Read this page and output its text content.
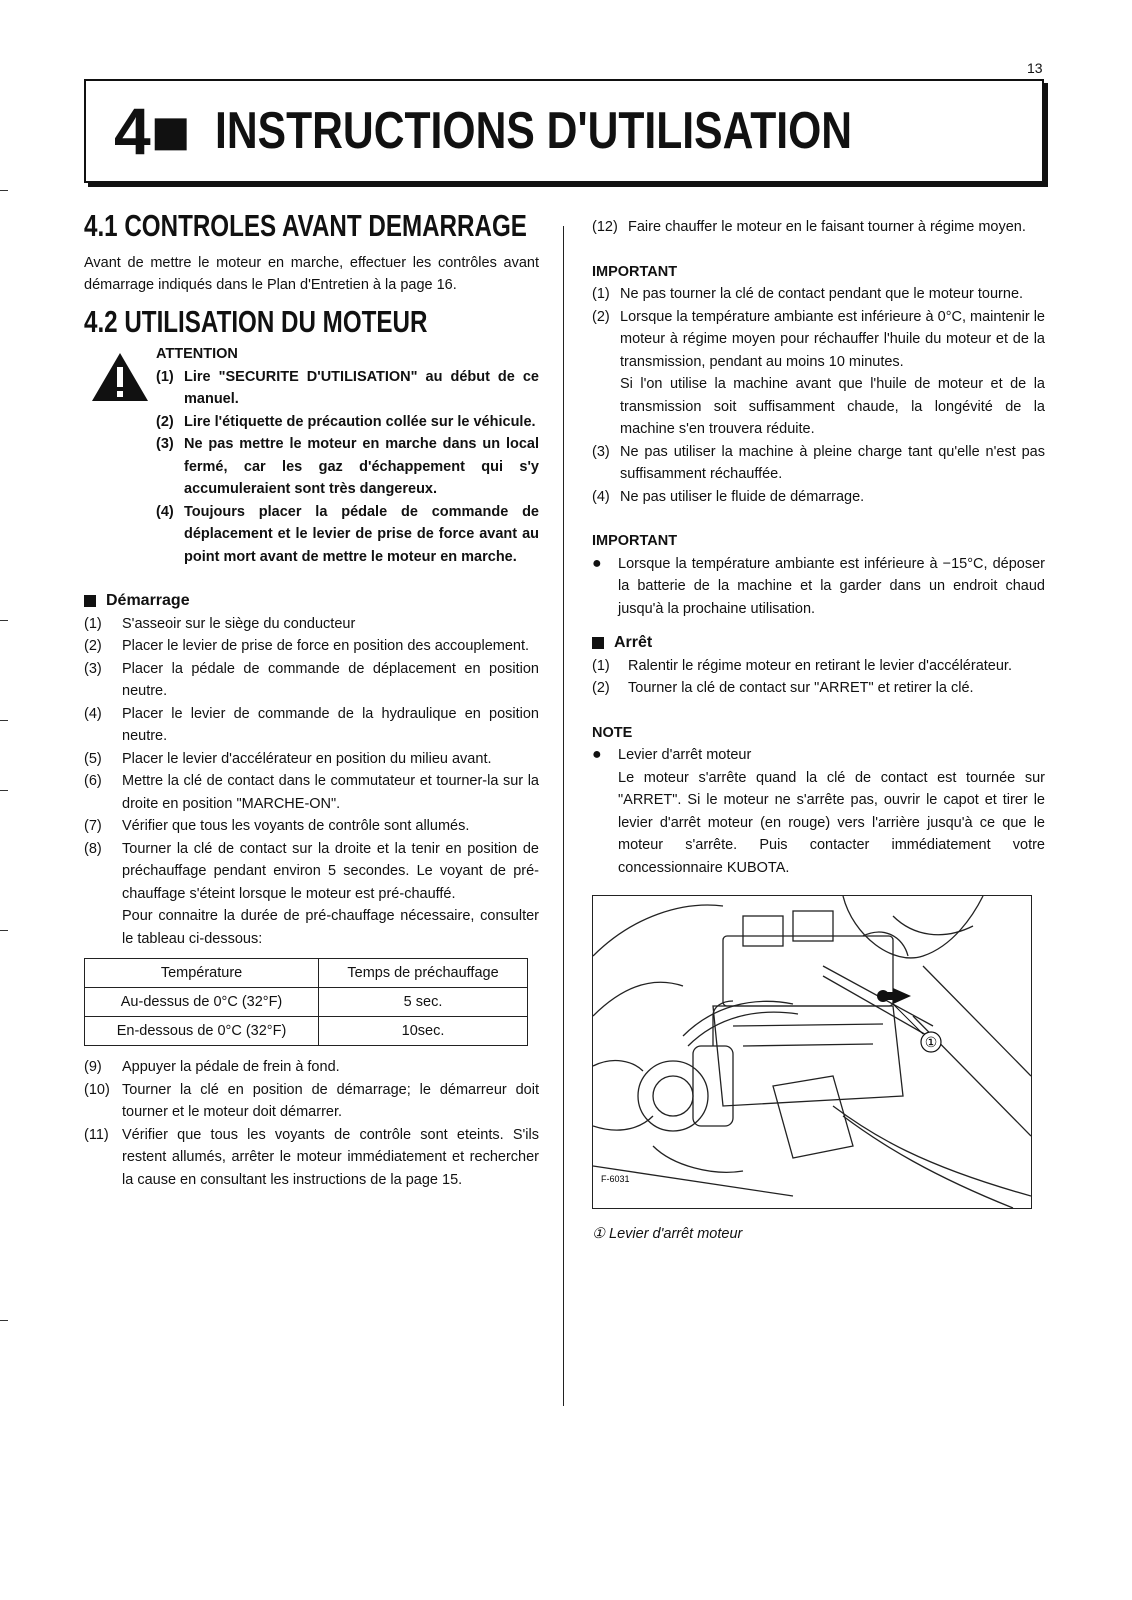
13
4 ■ INSTRUCTIONS D'UTILISATION
4.1 CONTROLES AVANT DEMARRAGE

Avant de mettre le moteur en marche, effectuer les contrôles avant démarrage indiqués dans le Plan d'Entretien à la page 16.

4.2 UTILISATION DU MOTEUR
ATTENTION
(1) Lire "SECURITE D'UTILISATION" au début de ce manuel.
(2) Lire l'étiquette de précaution collée sur le véhicule.
(3) Ne pas mettre le moteur en marche dans un local fermé, car les gaz d'échappement qui s'y accumuleraient sont très dangereux.
(4) Toujours placer la pédale de commande de déplacement et le levier de prise de force avant au point mort avant de mettre le moteur en marche.
Démarrage
(1)	S'asseoir sur le siège du conducteur
(2)	Placer le levier de prise de force en position des accouplement.
(3)	Placer la pédale de commande de déplacement en position neutre.
(4)	Placer le levier de commande de la hydraulique en position neutre.
(5)	Placer le levier d'accélérateur en position du milieu avant.
(6)	Mettre la clé de contact dans le commutateur et tourner-la sur la droite en position "MARCHE-ON".
(7)	Vérifier que tous les voyants de contrôle sont allumés.
(8)	Tourner la clé de contact sur la droite et la tenir en position de préchauffage pendant environ 5 secondes. Le voyant de pré-chauffage s'éteint lorsque le moteur est pré-chauffé.
Pour connaitre la durée de pré-chauffage nécessaire, consulter le tableau ci-dessous:
Température	Temps de préchauffage
Au-dessus de 0°C (32°F)	5 sec.
En-dessous de 0°C (32°F)	10sec.
(9)	Appuyer la pédale de frein à fond.
(10) Tourner la clé en position de démarrage; le démarreur doit tourner et le moteur doit démarrer.
(11) Vérifier que tous les voyants de contrôle sont eteints. S'ils restent allumés, arrêter le moteur immédiatement et rechercher la cause en consultant les instructions de la page 15.
(12) Faire chauffer le moteur en le faisant tourner à régime moyen.
IMPORTANT
(1) Ne pas tourner la clé de contact pendant que le moteur tourne.
(2) Lorsque la température ambiante est inférieure à 0°C, maintenir le moteur à régime moyen pour réchauffer l'huile du moteur et de la transmission, pendant au moins 10 minutes.
Si l'on utilise la machine avant que l'huile de moteur et de la transmission soit suffisamment chaude, la longévité de la machine s'en trouvera réduite.
(3) Ne pas utiliser la machine à pleine charge tant qu'elle n'est pas suffisamment réchauffée.
(4) Ne pas utiliser le fluide de démarrage.
IMPORTANT
●	Lorsque la température ambiante est inférieure à −15°C, déposer la batterie de la machine et la garder dans un endroit chaud jusqu'à la prochaine utilisation.
Arrêt
(1)	Ralentir le régime moteur en retirant le levier d'accélérateur.
(2)	Tourner la clé de contact sur "ARRET" et retirer la clé.
NOTE
●	Levier d'arrêt moteur
Le moteur s'arrête quand la clé de contact est tournée sur "ARRET". Si le moteur ne s'arrête pas, ouvrir le capot et tirer le levier d'arrêt moteur (en rouge) vers l'arrière jusqu'à ce que le moteur s'arrête. Puis contacter immédiatement votre concessionnaire KUBOTA.
①
F-6031
① Levier d'arrêt moteur
